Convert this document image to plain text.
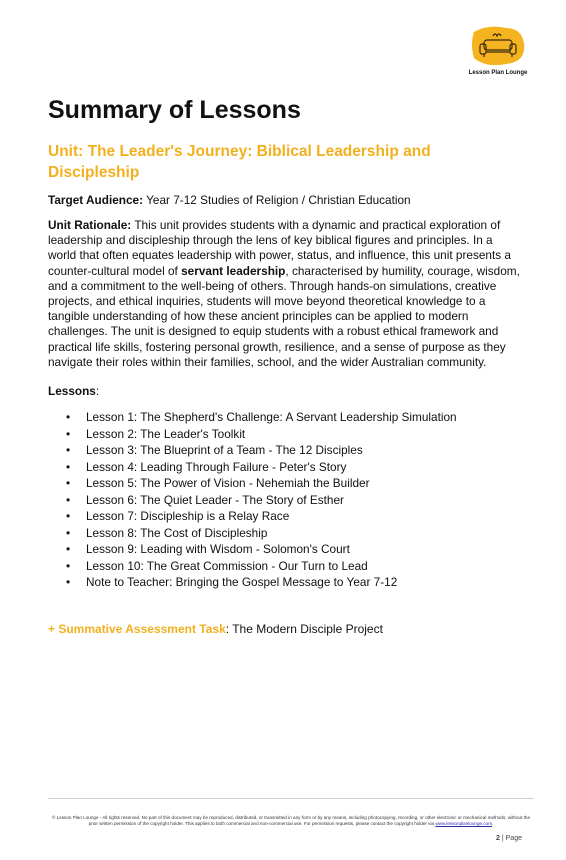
Lesson Plan Lounge
Summary of Lessons
Unit: The Leader's Journey: Biblical Leadership and Discipleship

Target Audience: Year 7-12 Studies of Religion / Christian Education

Unit Rationale: This unit provides students with a dynamic and practical exploration of leadership and discipleship through the lens of key biblical figures and principles. In a world that often equates leadership with power, status, and influence, this unit presents a counter-cultural model of servant leadership, characterised by humility, courage, wisdom, and a commitment to the well-being of others. Through hands-on simulations, creative projects, and ethical inquiries, students will move beyond theoretical knowledge to a tangible understanding of how these ancient principles can be applied to modern challenges. The unit is designed to equip students with a robust ethical framework and practical life skills, fostering personal growth, resilience, and a sense of purpose as they navigate their roles within their families, school, and the wider Australian community.

Lessons:

• Lesson 1: The Shepherd's Challenge: A Servant Leadership Simulation
• Lesson 2: The Leader's Toolkit
• Lesson 3: The Blueprint of a Team - The 12 Disciples
• Lesson 4: Leading Through Failure - Peter's Story
• Lesson 5: The Power of Vision - Nehemiah the Builder
• Lesson 6: The Quiet Leader - The Story of Esther
• Lesson 7: Discipleship is a Relay Race
• Lesson 8: The Cost of Discipleship
• Lesson 9: Leading with Wisdom - Solomon's Court
• Lesson 10: The Great Commission - Our Turn to Lead
• Note to Teacher: Bringing the Gospel Message to Year 7-12

+ Summative Assessment Task: The Modern Disciple Project

© Lesson Plan Lounge - All rights reserved. No part of this document may be reproduced, distributed, or transmitted in any form or by any means, including photocopying, recording, or other electronic or mechanical methods, without the prior written permission of the copyright holder. This applies to both commercial and non-commercial use. For permission requests, please contact the copyright holder via www.lessonplanlounge.com.
2 | Page
